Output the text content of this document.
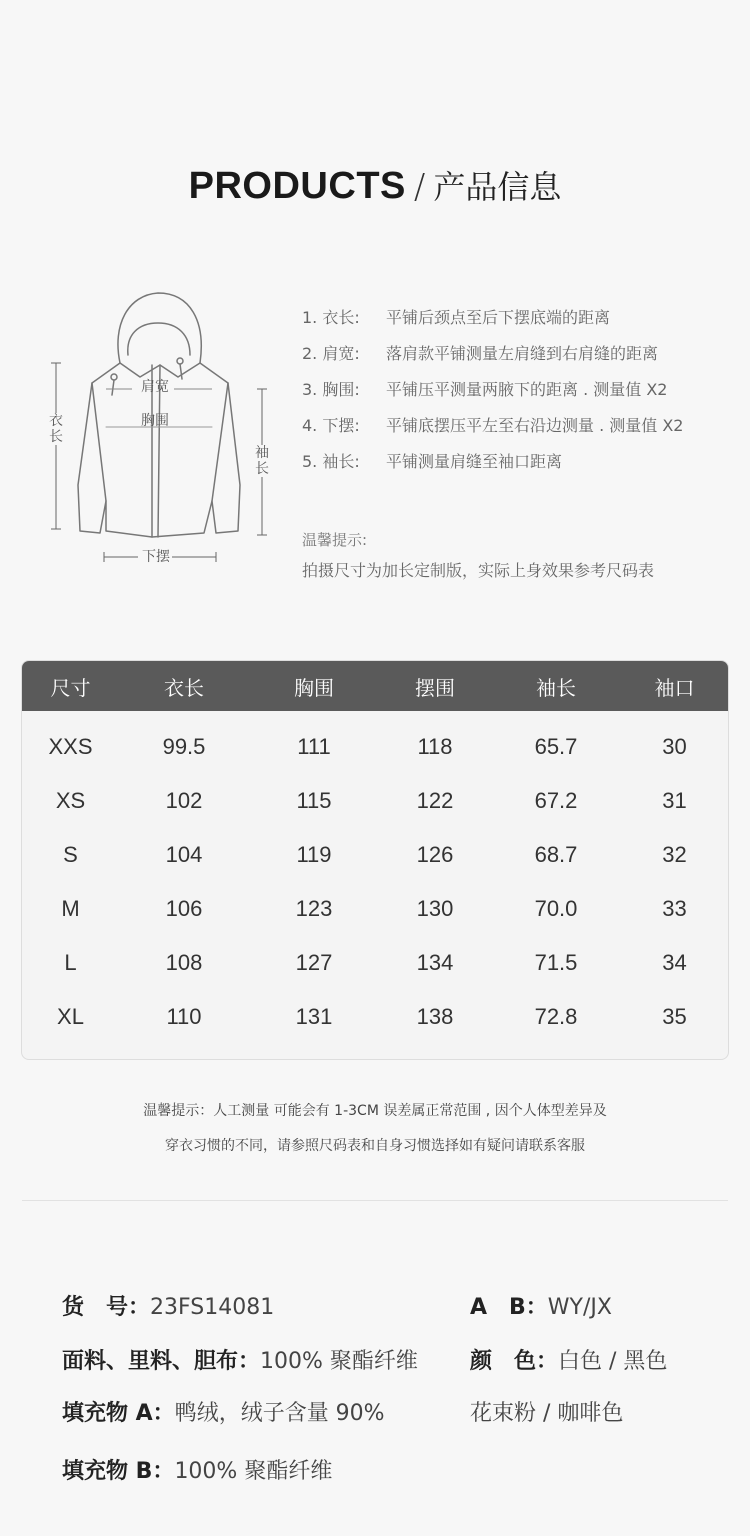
PRODUCTS / 产品信息
肩宽
胸围
衣长
袖长
下摆
1. 衣长: 平铺后颈点至后下摆底端的距离
2. 肩宽: 落肩款平铺测量左肩缝到右肩缝的距离
3. 胸围: 平铺压平测量两腋下的距离 . 测量值 X2
4. 下摆: 平铺底摆压平左至右沿边测量 . 测量值 X2
5. 袖长: 平铺测量肩缝至袖口距离
温馨提示:
拍摄尺寸为加长定制版，实际上身效果参考尺码表
尺寸	衣长	胸围	摆围	袖长	袖口
XXS	99.5	111	118	65.7	30
XS	102	115	122	67.2	31
S	104	119	126	68.7	32
M	106	123	130	70.0	33
L	108	127	134	71.5	34
XL	110	131	138	72.8	35
温馨提示：人工测量 可能会有 1-3CM 误差属正常范围 , 因个人体型差异及
穿衣习惯的不同，请参照尺码表和自身习惯选择如有疑问请联系客服
货　号：23FS14081	A　B：WY/JX
面料、里料、胆布：100% 聚酯纤维 颜　色：白色 / 黑色
填充物 A：鸭绒，绒子含量 90%	花束粉 / 咖啡色
填充物 B：100% 聚酯纤维
